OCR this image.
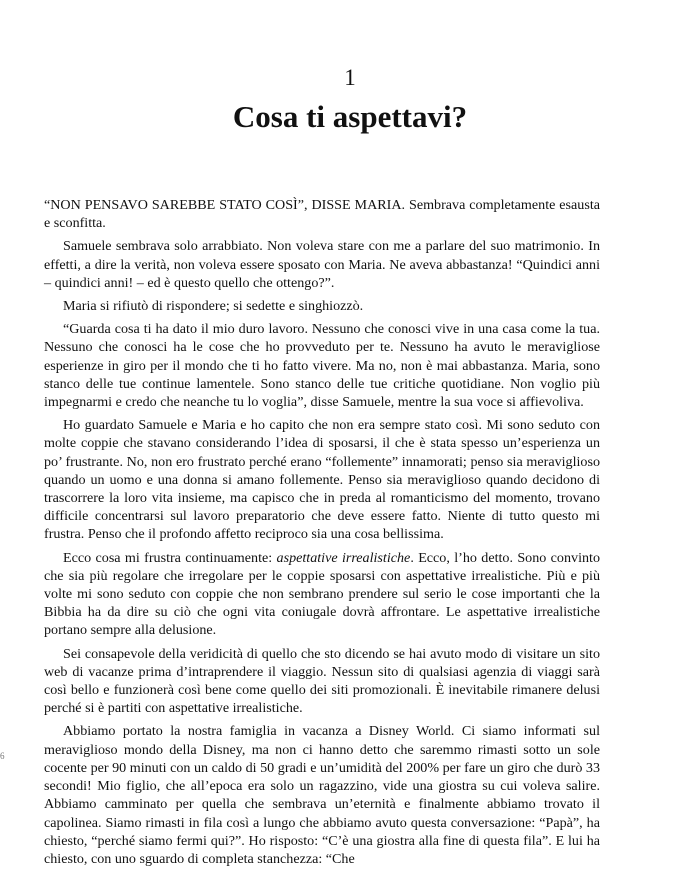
1
Cosa ti aspettavi?

“NON PENSAVO SAREBBE STATO COSÌ”, DISSE MARIA. Sembrava completamente esausta e sconfitta.

Samuele sembrava solo arrabbiato. Non voleva stare con me a parlare del suo matrimonio. In effetti, a dire la verità, non voleva essere sposato con Maria. Ne aveva abbastanza! “Quindici anni – quindici anni! – ed è questo quello che ottengo?”.

Maria si rifiutò di rispondere; si sedette e singhiozzò.

“Guarda cosa ti ha dato il mio duro lavoro. Nessuno che conosci vive in una casa come la tua. Nessuno che conosci ha le cose che ho provveduto per te. Nessuno ha avuto le meravigliose esperienze in giro per il mondo che ti ho fatto vivere. Ma no, non è mai abbastanza. Maria, sono stanco delle tue continue lamentele. Sono stanco delle tue critiche quotidiane. Non voglio più impegnarmi e credo che neanche tu lo voglia”, disse Samuele, mentre la sua voce si affievoliva.

Ho guardato Samuele e Maria e ho capito che non era sempre stato così. Mi sono seduto con molte coppie che stavano considerando l’idea di sposarsi, il che è stata spesso un’esperienza un po’ frustrante. No, non ero frustrato perché erano “follemente” innamorati; penso sia meraviglioso quando un uomo e una donna si amano follemente. Penso sia meraviglioso quando decidono di trascorrere la loro vita insieme, ma capisco che in preda al romanticismo del momento, trovano difficile concentrarsi sul lavoro preparatorio che deve essere fatto. Niente di tutto questo mi frustra. Penso che il profondo affetto reciproco sia una cosa bellissima.

Ecco cosa mi frustra continuamente: aspettative irrealistiche. Ecco, l’ho detto. Sono convinto che sia più regolare che irregolare per le coppie sposarsi con aspettative irrealistiche. Più e più volte mi sono seduto con coppie che non sembrano prendere sul serio le cose importanti che la Bibbia ha da dire su ciò che ogni vita coniugale dovrà affrontare. Le aspettative irrealistiche portano sempre alla delusione.

Sei consapevole della veridicità di quello che sto dicendo se hai avuto modo di visitare un sito web di vacanze prima d’intraprendere il viaggio. Nessun sito di qualsiasi agenzia di viaggi sarà così bello e funzionerà così bene come quello dei siti promozionali. È inevitabile rimanere delusi perché si è partiti con aspettative irrealistiche.

Abbiamo portato la nostra famiglia in vacanza a Disney World. Ci siamo informati sul meraviglioso mondo della Disney, ma non ci hanno detto che saremmo rimasti sotto un sole cocente per 90 minuti con un caldo di 50 gradi e un’umidità del 200% per fare un giro che durò 33 secondi! Mio figlio, che all’epoca era solo un ragazzino, vide una giostra su cui voleva salire. Abbiamo camminato per quella che sembrava un’eternità e finalmente abbiamo trovato il capolinea. Siamo rimasti in fila così a lungo che abbiamo avuto questa conversazione: “Papà”, ha chiesto, “perché siamo fermi qui?”. Ho risposto: “C’è una giostra alla fine di questa fila”. E lui ha chiesto, con uno sguardo di completa stanchezza: “Che

6
